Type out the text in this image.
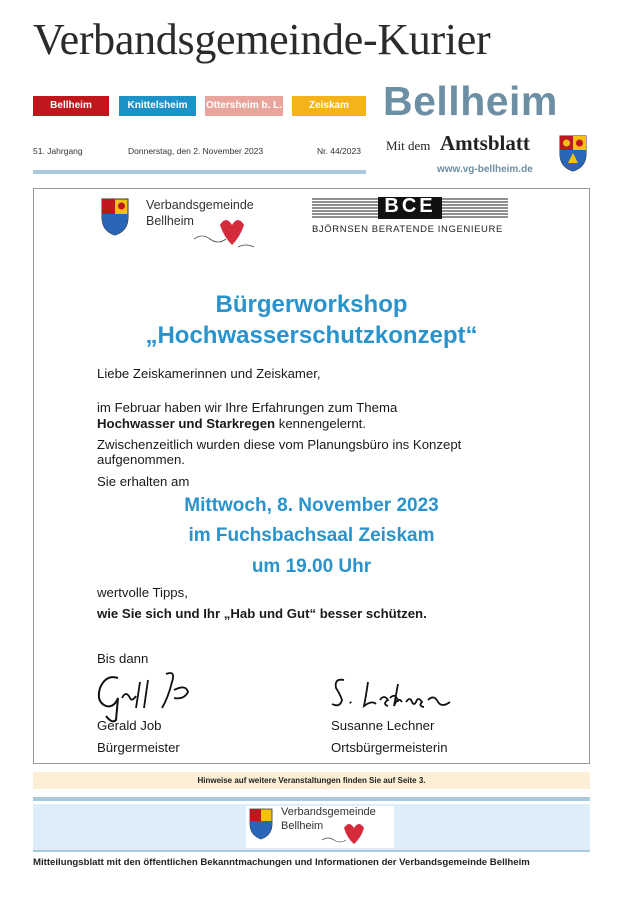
Verbandsgemeinde-Kurier
Bellheim	Knittelsheim	Ottersheim b. L.	Zeiskam Bellheim
51. Jahrgang	Donnerstag, den 2. November 2023	Nr. 44/2023 Mit dem Amtsblatt
www.vg-bellheim.de
Verbandsgemeinde
Bellheim
BCE
BJÖRNSEN BERATENDE INGENIEURE
Bürgerworkshop
„Hochwasserschutzkonzept“
Liebe Zeiskamerinnen und Zeiskamer,
im Februar haben wir Ihre Erfahrungen zum Thema
Hochwasser und Starkregen kennengelernt.
Zwischenzeitlich wurden diese vom Planungsbüro ins Konzept
aufgenommen.
Sie erhalten am
Mittwoch, 8. November 2023
im Fuchsbachsaal Zeiskam
um 19.00 Uhr
wertvolle Tipps,
wie Sie sich und Ihr „Hab und Gut“ besser schützen.
Bis dann
Gerald Job
Bürgermeister
Susanne Lechner
Ortsbürgermeisterin
Hinweise auf weitere Veranstaltungen finden Sie auf Seite 3.
Verbandsgemeinde
Bellheim
Mitteilungsblatt mit den öffentlichen Bekanntmachungen und Informationen der Verbandsgemeinde Bellheim
